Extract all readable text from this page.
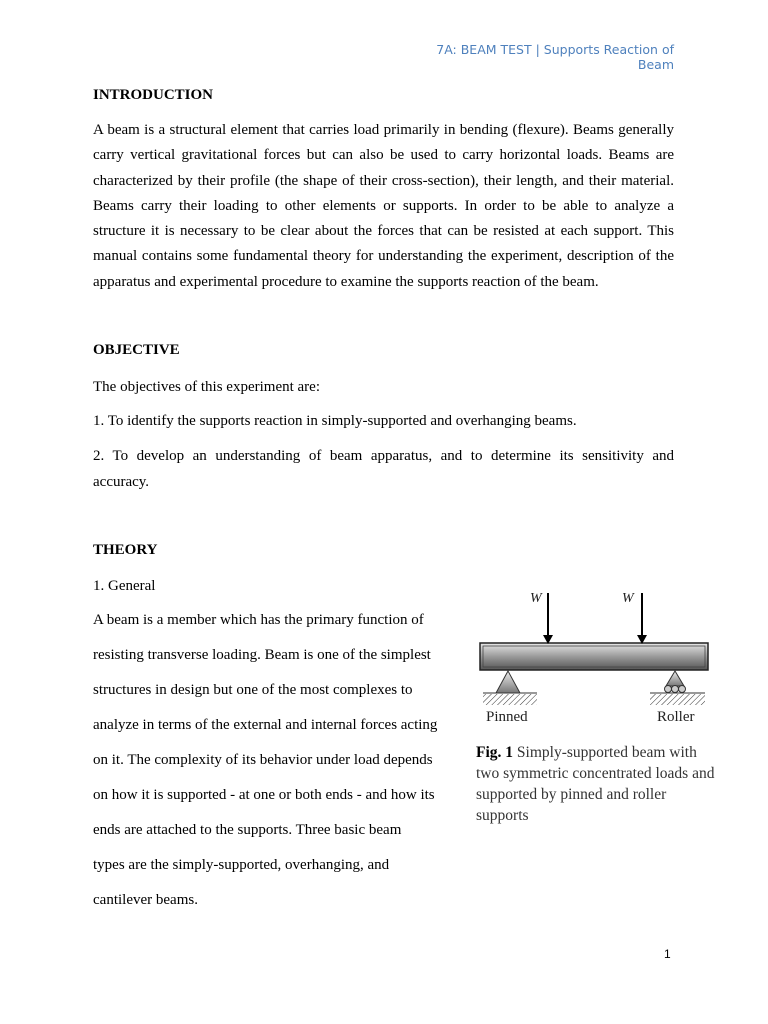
7A: BEAM TEST | Supports Reaction of Beam
INTRODUCTION
A beam is a structural element that carries load primarily in bending (flexure). Beams generally
carry vertical gravitational forces but can also be used to carry horizontal loads. Beams are
characterized by their profile (the shape of their cross-section), their length, and their material.
Beams carry their loading to other elements or supports. In order to be able to analyze a
structure it is necessary to be clear about the forces that can be resisted at each support. This
manual contains some fundamental theory for understanding the experiment, description of the
apparatus and experimental procedure to examine the supports reaction of the beam.
OBJECTIVE
The objectives of this experiment are:
1. To identify the supports reaction in simply-supported and overhanging beams.
2. To develop an understanding of beam apparatus, and to determine its sensitivity and
accuracy.
THEORY
1. General
A beam is a member which has the primary function of
resisting transverse loading. Beam is one of the simplest
structures in design but one of the most complexes to
analyze in terms of the external and internal forces acting
on it. The complexity of its behavior under load depends
on how it is supported - at one or both ends - and how its
ends are attached to the supports. Three basic beam
types are the simply-supported, overhanging, and
cantilever beams.
W	W
Pinned	Roller
Fig. 1 Simply-supported beam with
two symmetric concentrated loads and
supported by pinned and roller
supports
1
